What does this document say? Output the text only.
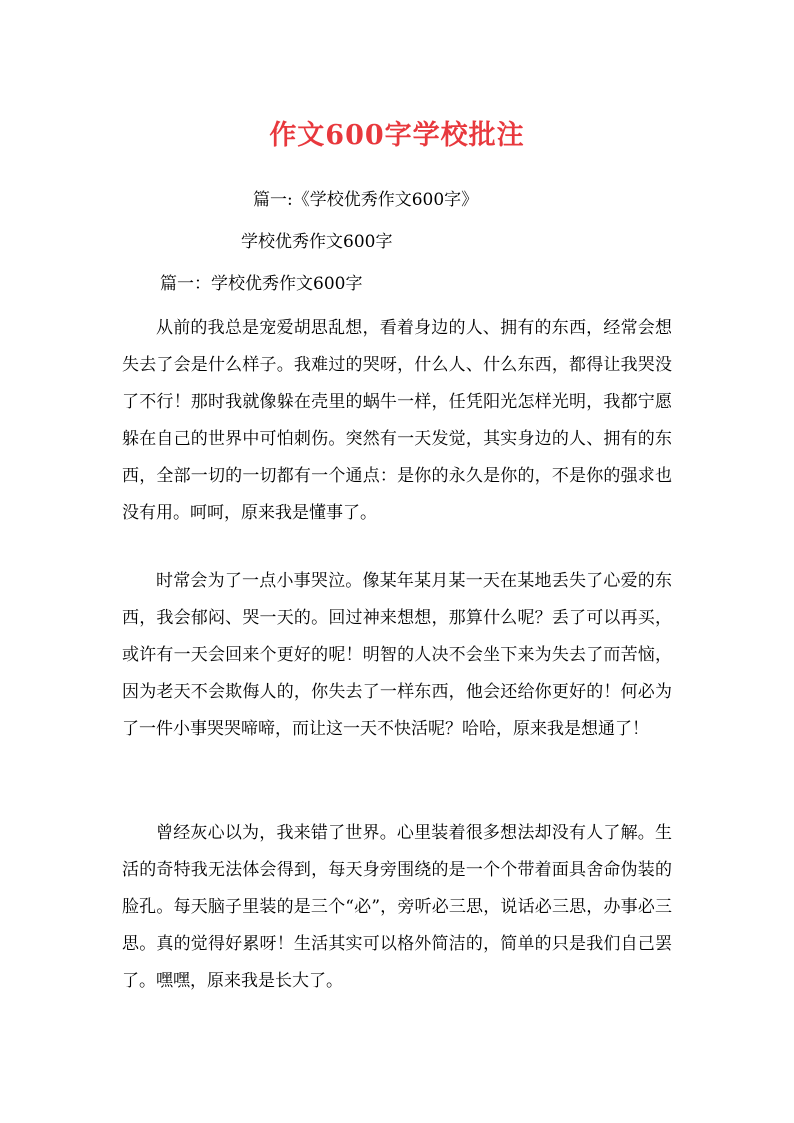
作文600字学校批注
篇一:《学校优秀作文600字》
学校优秀作文600字
篇一：学校优秀作文600字

从前的我总是宠爱胡思乱想，看着身边的人、拥有的东西，经常会想失去了会是什么样子。我难过的哭呀，什么人、什么东西，都得让我哭没了不行！那时我就像躲在壳里的蜗牛一样，任凭阳光怎样光明，我都宁愿躲在自己的世界中可怕刺伤。突然有一天发觉，其实身边的人、拥有的东西，全部一切的一切都有一个通点：是你的永久是你的，不是你的强求也没有用。呵呵，原来我是懂事了。

时常会为了一点小事哭泣。像某年某月某一天在某地丢失了心爱的东西，我会郁闷、哭一天的。回过神来想想，那算什么呢？丢了可以再买，或许有一天会回来个更好的呢！明智的人决不会坐下来为失去了而苦恼，因为老天不会欺侮人的，你失去了一样东西，他会还给你更好的！何必为了一件小事哭哭啼啼，而让这一天不快活呢？哈哈，原来我是想通了！

曾经灰心以为，我来错了世界。心里装着很多想法却没有人了解。生活的奇特我无法体会得到，每天身旁围绕的是一个个带着面具舍命伪装的脸孔。每天脑子里装的是三个“必”，旁听必三思，说话必三思，办事必三思。真的觉得好累呀！生活其实可以格外简洁的，简单的只是我们自己罢了。嘿嘿，原来我是长大了。
